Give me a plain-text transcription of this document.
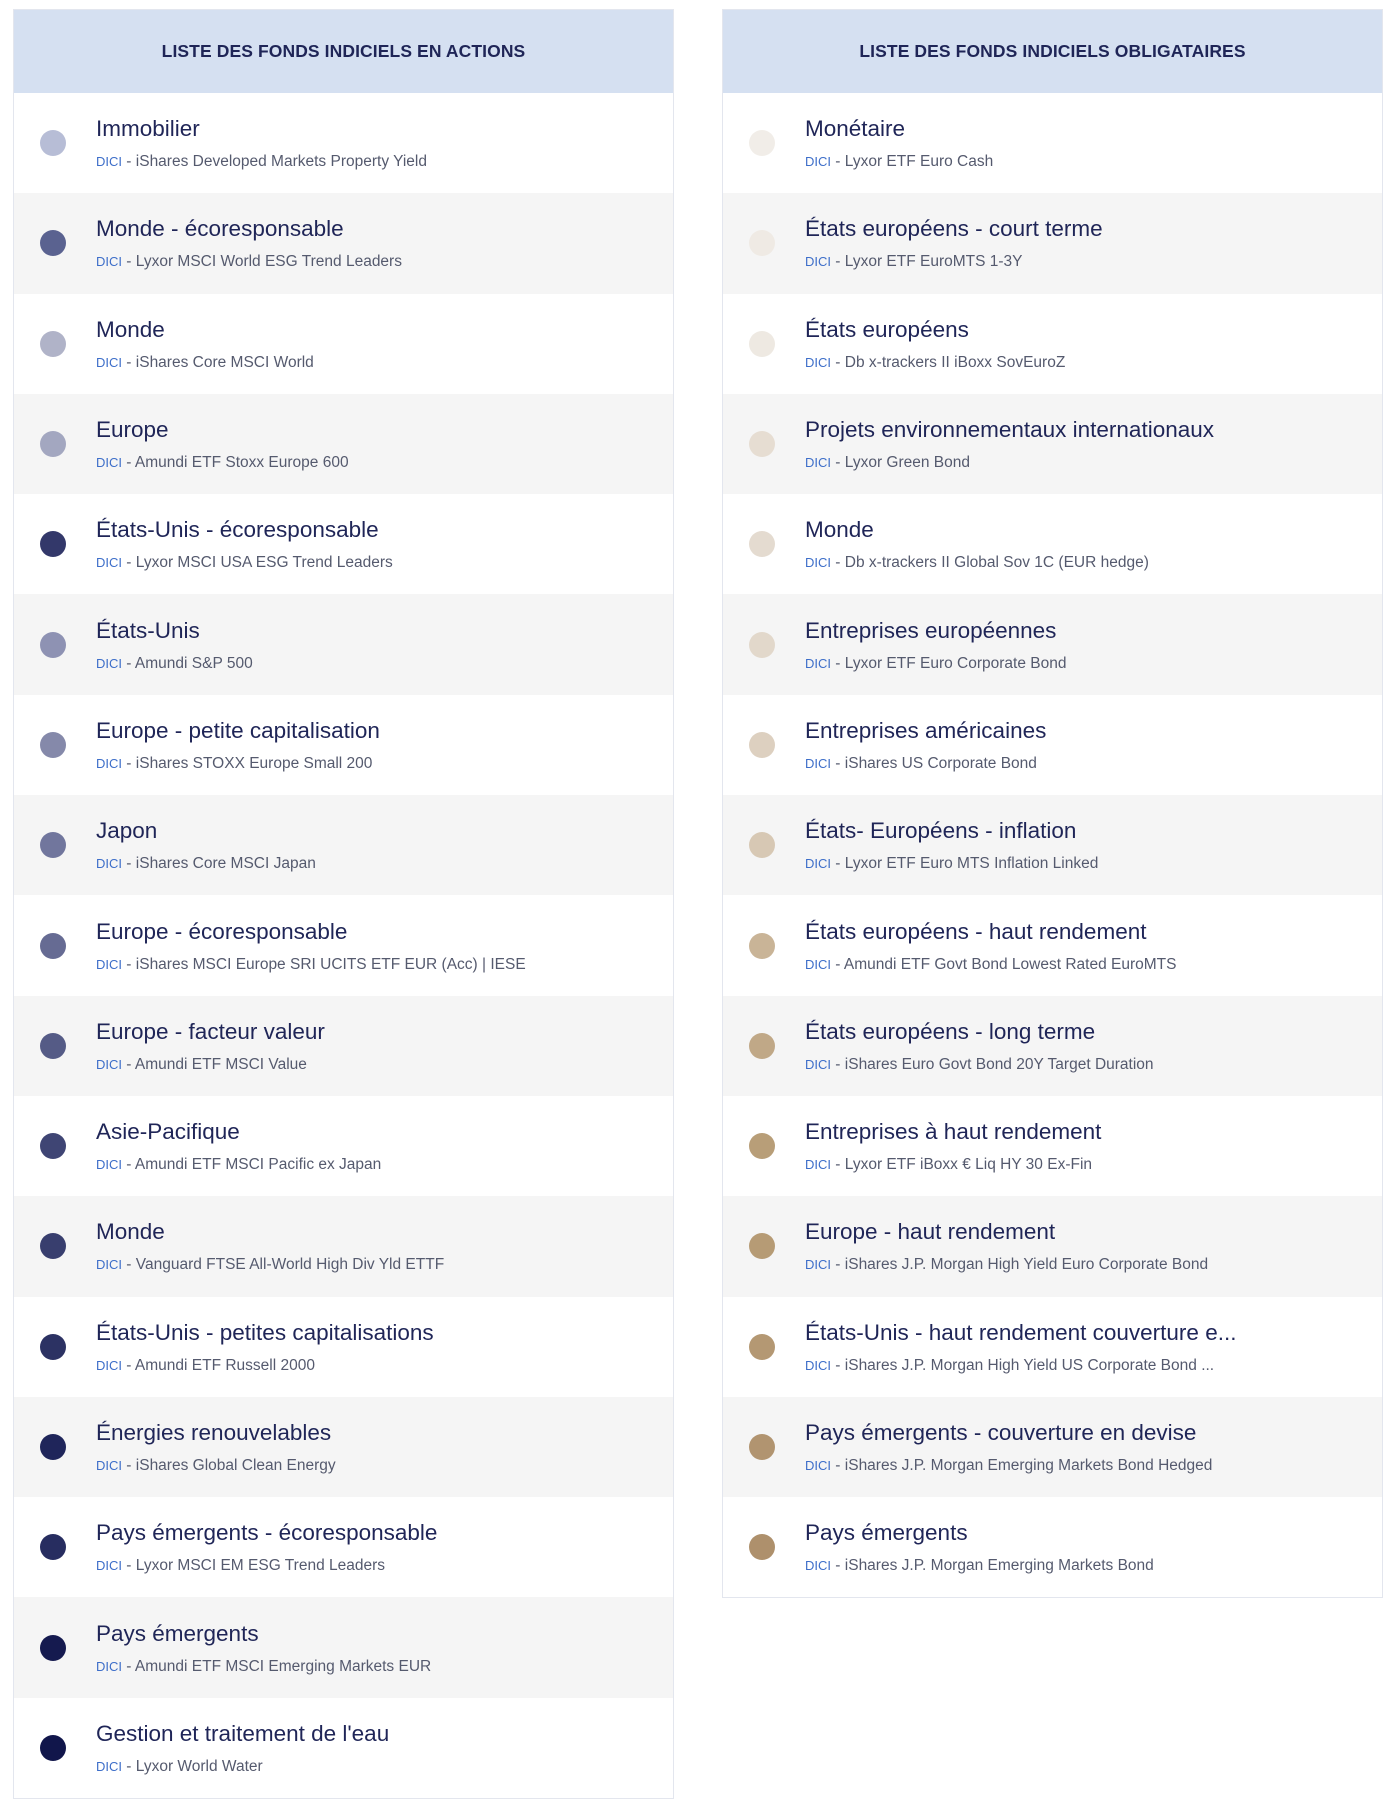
LISTE DES FONDS INDICIELS EN ACTIONS
Immobilier
DICI - iShares Developed Markets Property Yield
Monde - écoresponsable
DICI - Lyxor MSCI World ESG Trend Leaders
Monde
DICI - iShares Core MSCI World
Europe
DICI - Amundi ETF Stoxx Europe 600
États-Unis - écoresponsable
DICI - Lyxor MSCI USA ESG Trend Leaders
États-Unis
DICI - Amundi S&P 500
Europe - petite capitalisation
DICI - iShares STOXX Europe Small 200
Japon
DICI - iShares Core MSCI Japan
Europe - écoresponsable
DICI - iShares MSCI Europe SRI UCITS ETF EUR (Acc) | IESE
Europe - facteur valeur
DICI - Amundi ETF MSCI Value
Asie-Pacifique
DICI - Amundi ETF MSCI Pacific ex Japan
Monde
DICI - Vanguard FTSE All-World High Div Yld ETTF
États-Unis - petites capitalisations
DICI - Amundi ETF Russell 2000
Énergies renouvelables
DICI - iShares Global Clean Energy
Pays émergents - écoresponsable
DICI - Lyxor MSCI EM ESG Trend Leaders
Pays émergents
DICI - Amundi ETF MSCI Emerging Markets EUR
Gestion et traitement de l'eau
DICI - Lyxor World Water
LISTE DES FONDS INDICIELS OBLIGATAIRES
Monétaire
DICI - Lyxor ETF Euro Cash
États européens - court terme
DICI - Lyxor ETF EuroMTS 1-3Y
États européens
DICI - Db x-trackers II iBoxx SovEuroZ
Projets environnementaux internationaux
DICI - Lyxor Green Bond
Monde
DICI - Db x-trackers II Global Sov 1C (EUR hedge)
Entreprises européennes
DICI - Lyxor ETF Euro Corporate Bond
Entreprises américaines
DICI - iShares US Corporate Bond
États- Européens - inflation
DICI - Lyxor ETF Euro MTS Inflation Linked
États européens - haut rendement
DICI - Amundi ETF Govt Bond Lowest Rated EuroMTS
États européens - long terme
DICI - iShares Euro Govt Bond 20Y Target Duration
Entreprises à haut rendement
DICI - Lyxor ETF iBoxx € Liq HY 30 Ex-Fin
Europe - haut rendement
DICI - iShares J.P. Morgan High Yield Euro Corporate Bond
États-Unis - haut rendement couverture e...
DICI - iShares J.P. Morgan High Yield US Corporate Bond ...
Pays émergents - couverture en devise
DICI - iShares J.P. Morgan Emerging Markets Bond Hedged
Pays émergents
DICI - iShares J.P. Morgan Emerging Markets Bond
